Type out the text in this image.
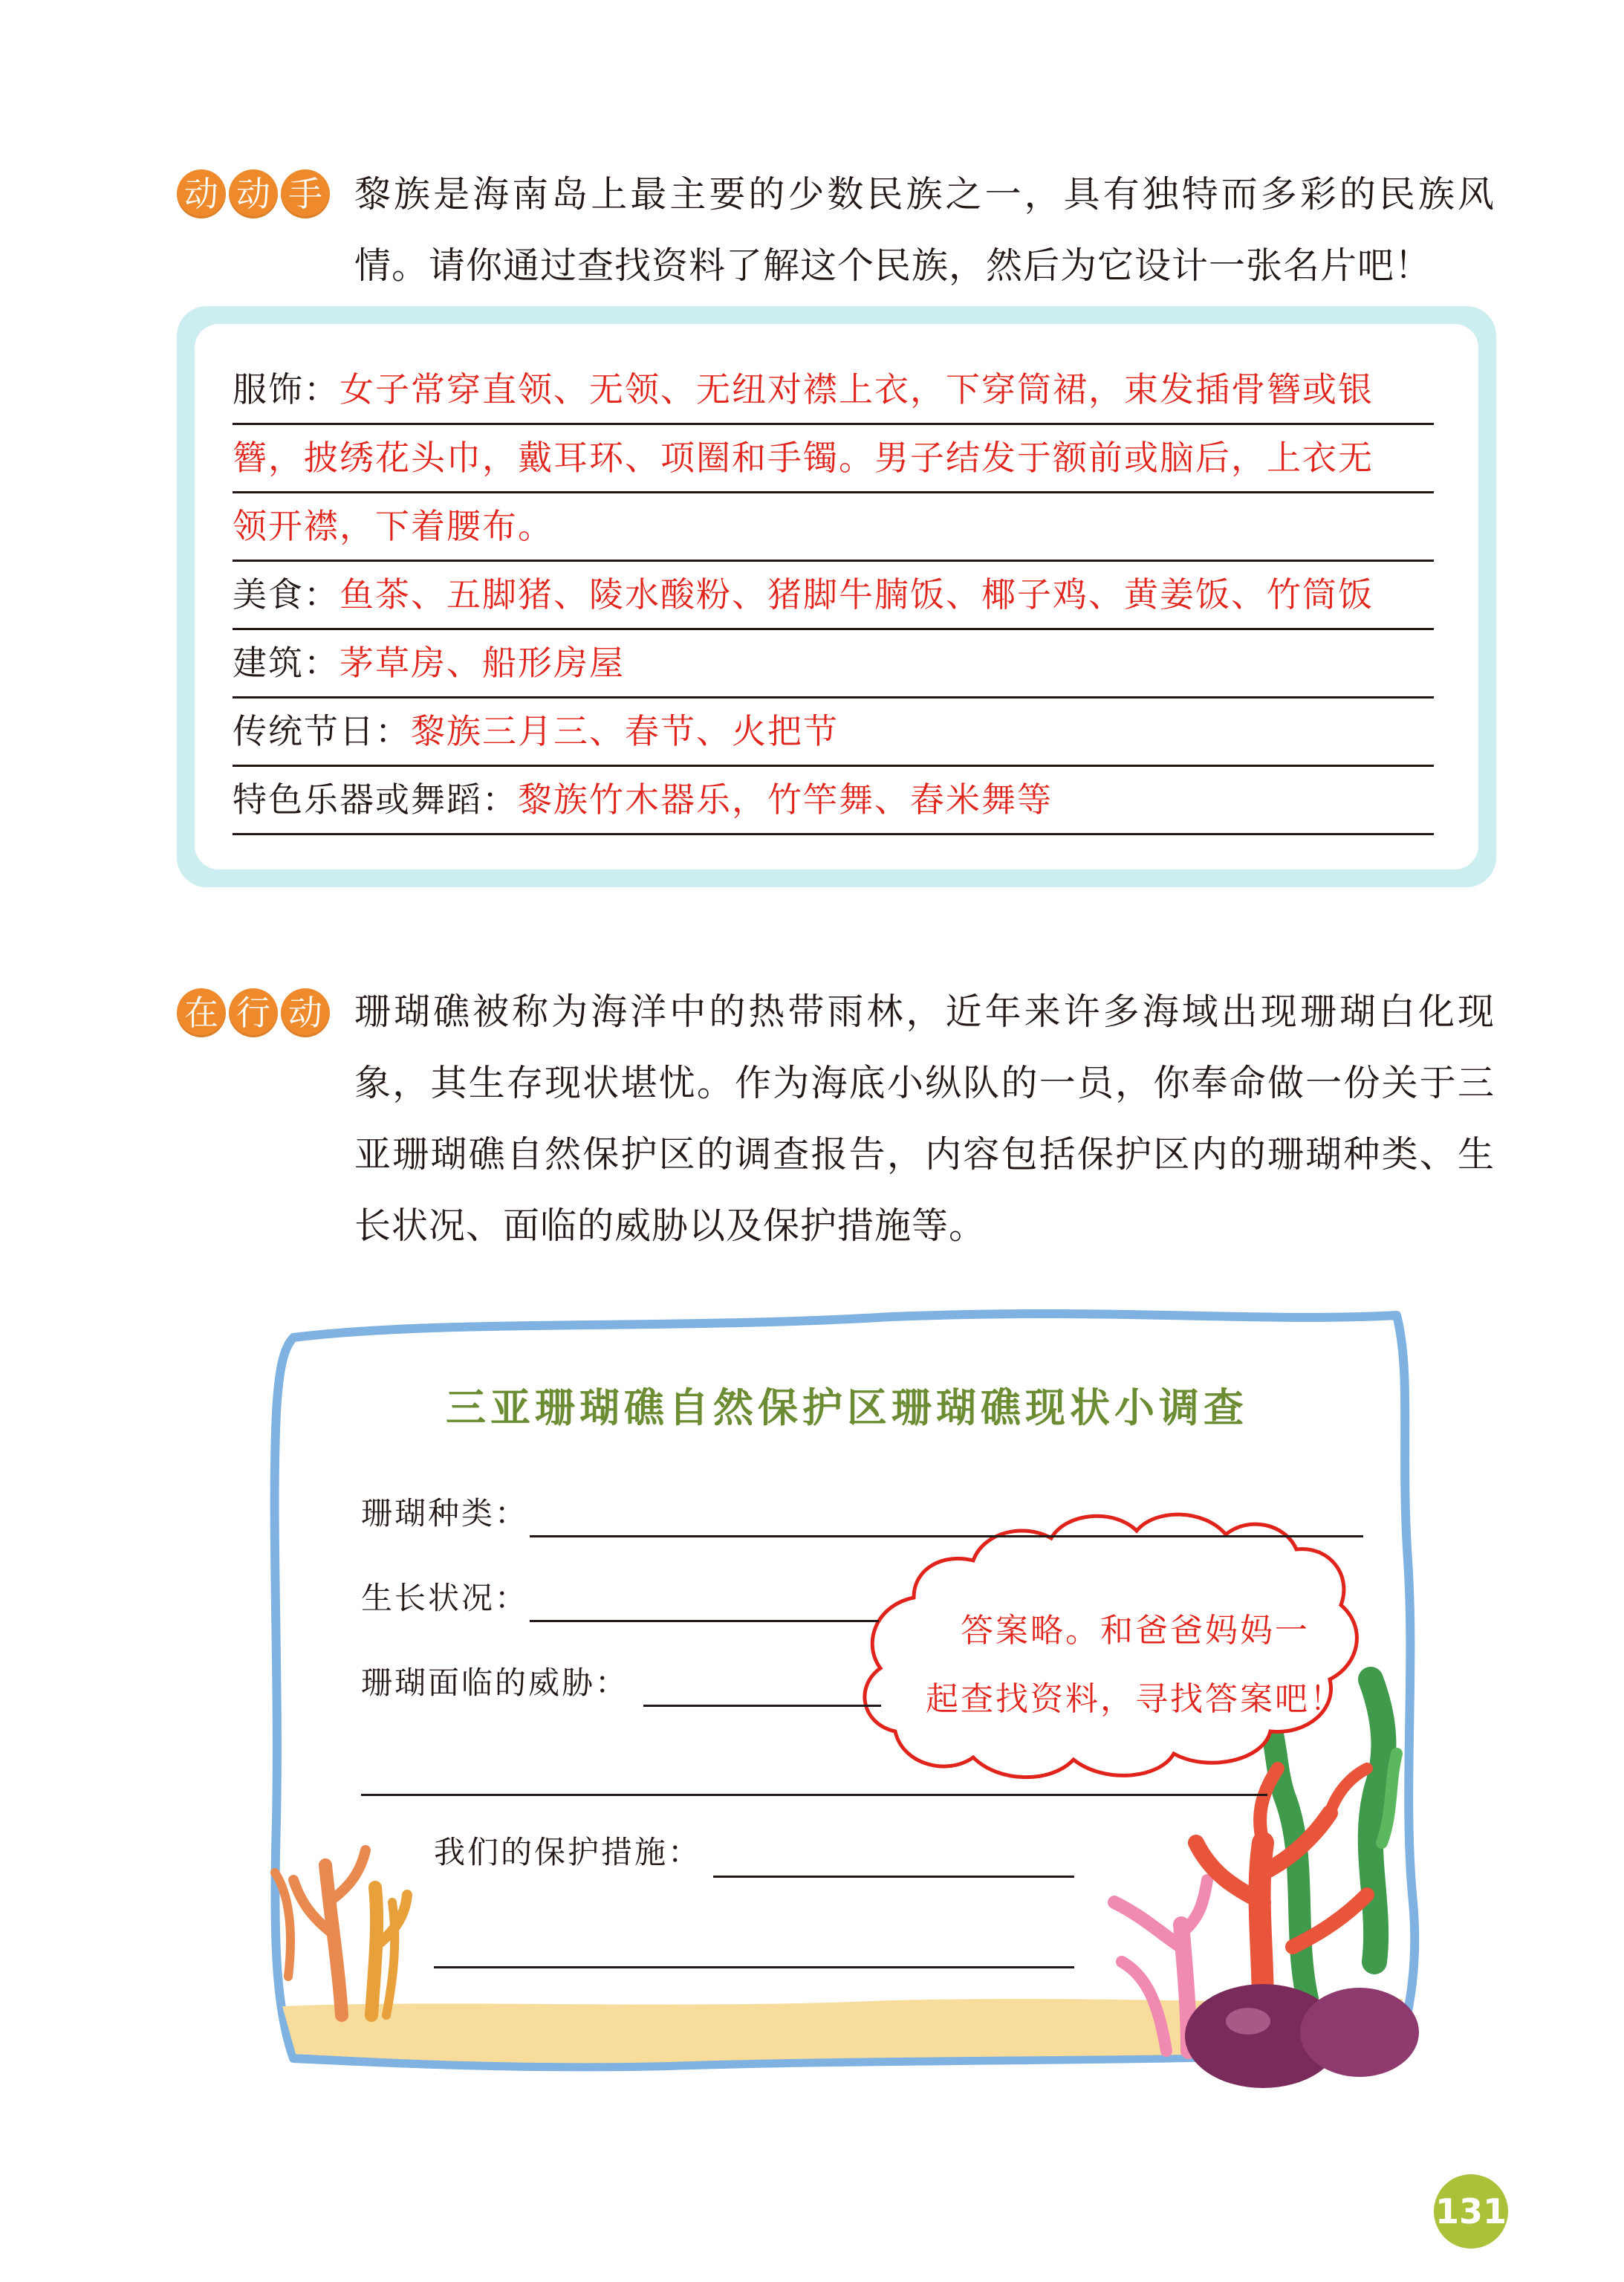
动 动 手 黎族是海南岛上最主要的少数民族之一，具有独特而多彩的民族风情。请你通过查找资料了解这个民族，然后为它设计一张名片吧！
服饰：女子常穿直领、无领、无纽对襟上衣，下穿筒裙，束发插骨簪或银
簪，披绣花头巾，戴耳环、项圈和手镯。男子结发于额前或脑后，上衣无
领开襟，下着腰布。
美食：鱼茶、五脚猪、陵水酸粉、猪脚牛腩饭、椰子鸡、黄姜饭、竹筒饭
建筑：茅草房、船形房屋
传统节日：黎族三月三、春节、火把节
特色乐器或舞蹈：黎族竹木器乐，竹竿舞、舂米舞等
在 行 动 珊瑚礁被称为海洋中的热带雨林，近年来许多海域出现珊瑚白化现象，其生存现状堪忧。作为海底小纵队的一员，你奉命做一份关于三亚珊瑚礁自然保护区的调查报告，内容包括保护区内的珊瑚种类、生长状况、面临的威胁以及保护措施等。
三亚珊瑚礁自然保护区珊瑚礁现状小调查
珊瑚种类：
生长状况：
珊瑚面临的威胁：
我们的保护措施：
答案略。和爸爸妈妈一
起查找资料，寻找答案吧！
131
